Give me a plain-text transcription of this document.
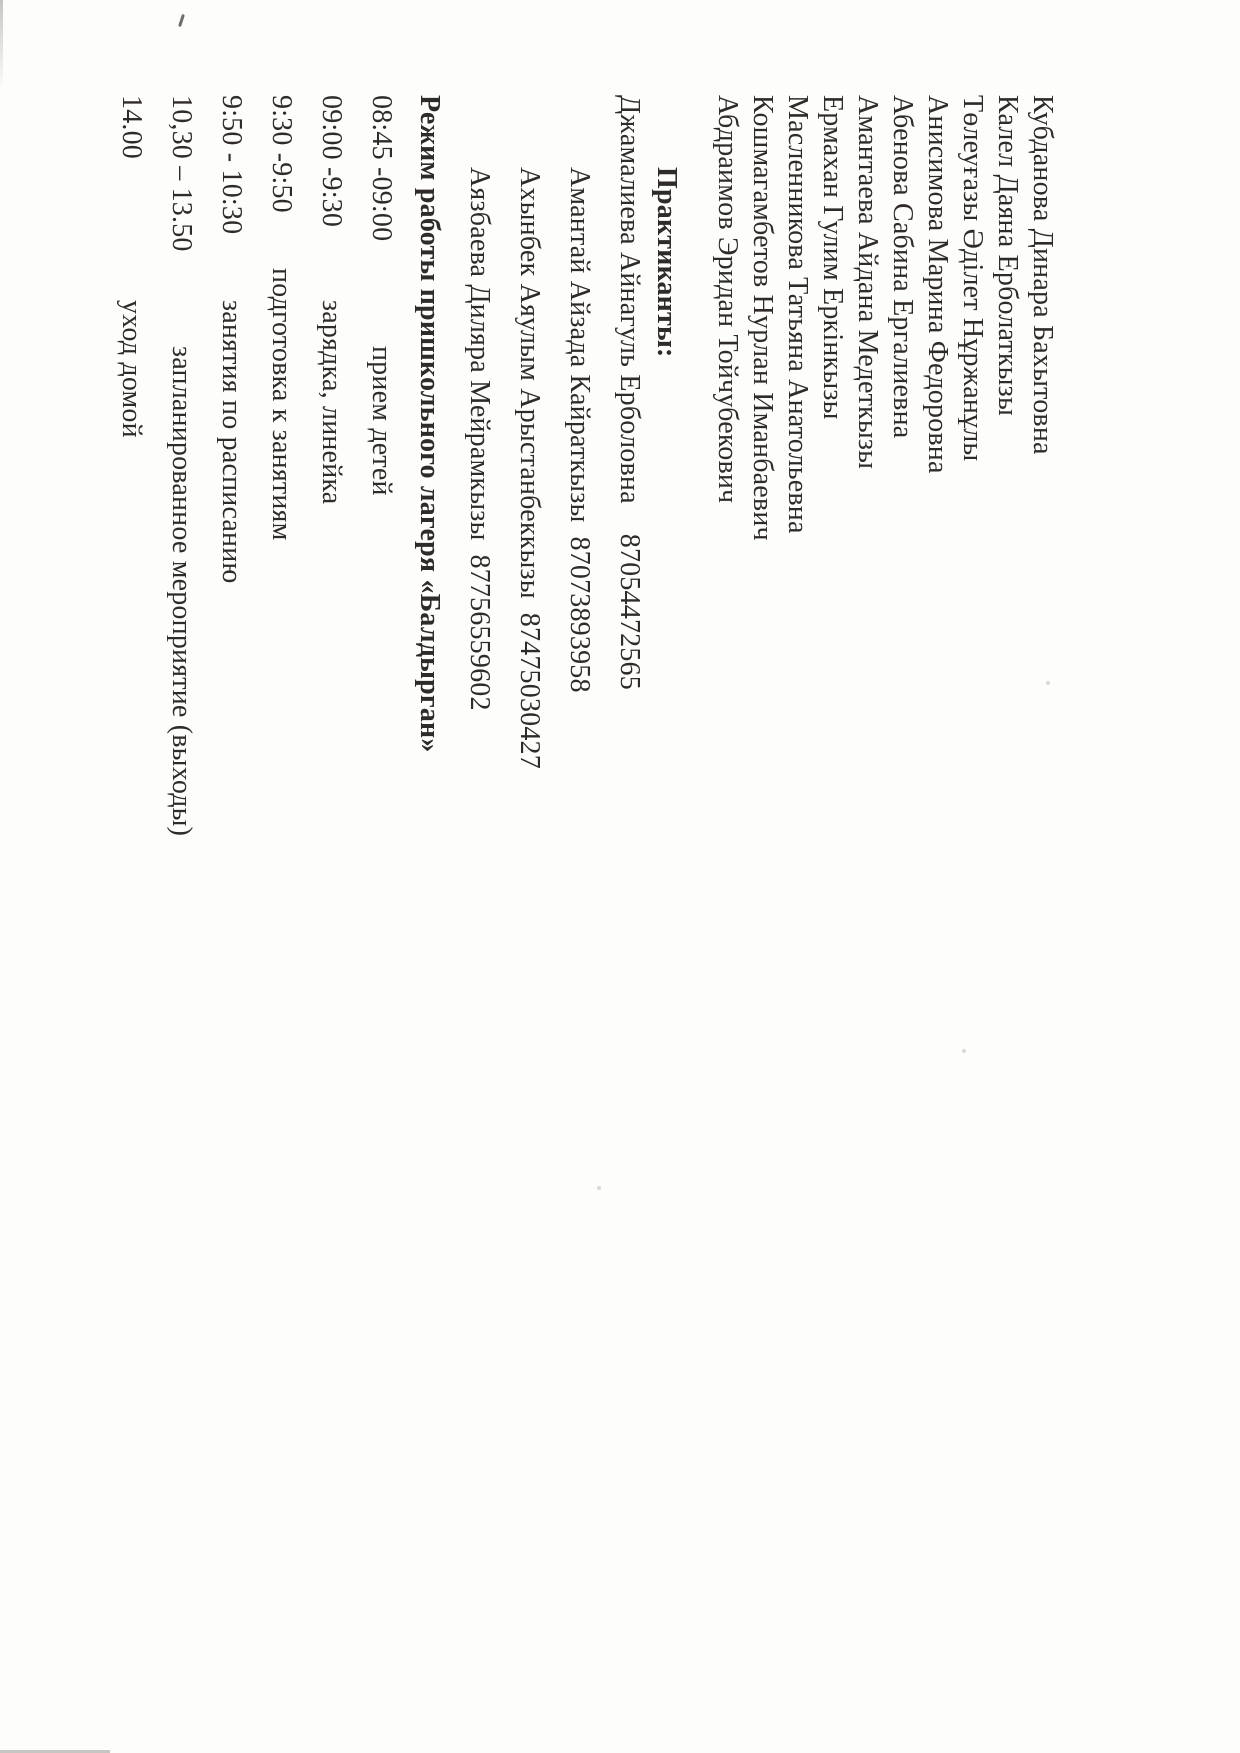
Кубданова Динара Бахытовна
Калел Даяна Ерболаткызы
Төлеуғазы Әділет Нұржанұлы
Анисимова Марина Федоровна
Абенова Сабина Ергалиевна
Амантаева Айдана Медеткызы
Ермахан Гулим Еркінкызы
Масленникова Татьяна Анатольевна
Кошмагамбетов Нурлан Иманбаевич
Абдраимов Эридан Тойчубекович
Практиканты:
Джамалиева Айнагуль Ерболовна87054472565
Амантай Айзада Кайраткызы87073893958
Ахынбек Аяулым Арыстанбеккызы87475030427
Аязбаева Диляра Мейрамкызы87756559602
Режим работы пришкольного лагеря «Балдырган»
08:45 -09:00
прием детей
09:00 -9:30
зарядка, линейка
9:30 -9:50
подготовка к занятиям
9:50 - 10:30
занятия по расписанию
10,30 – 13.50
запланированное мероприятие (выходы)
14.00
уход домой
